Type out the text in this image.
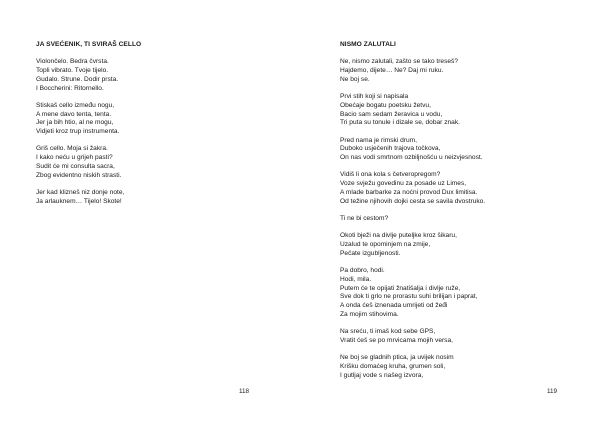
JA SVEĆENIK, TI SVIRAŠ CELLO
Violončelo. Bedra čvrsta.
Topli vibrato. Tvoje tijelo.
Gudalo. Strune. Dodir prsta.
I Boccherini: Ritornello.
Stiskaš cello između nogu,
A mene davo tenta, tenta.
Jer ja bih htio, al ne mogu,
Vidjeti kroz trup instrumenta.
Griš cello. Moja si žakra.
I kako neću u grijeh pasti?
Sudit će mi consulta sacra,
Zbog evidentno niskih strasti.
Jer kad klizneš niz donje note,
Ja arlauknem… Tijelo! Skote!
118
NISMO ZALUTALI
Ne, nismo zalutali, zašto se tako treseš?
Hajdemo, dijete… Ne? Daj mi ruku.
Ne boj se.
Prvi stih koji si napisala
Obećaje bogatu poetsku žetvu,
Bacio sam sedam žeravica u vodu,
Tri puta su tonule i dizale se, dobar znak.
Pred nama je rimski drum,
Duboko usječenih trajova točkova,
On nas vodi smrtnom ozbiljnošću u neizvjesnost.
Vidiš li ona kola s četveropregom?
Voze svježu govedinu za posade uz Limes,
A mlade barbarke za noćni provod Dux limitisa.
Od težine njihovih dojki cesta se savila dvostruko.
Ti ne bi cestom?
Okoti bježi na divlje puteljke kroz šikaru,
Uzalud te opominjem na zmije,
Pečate izgubljenosti.
Pa dobro, hodi.
Hodi, mila.
Putem će te opijati žnatišalja i divlje ruže,
Sve dok ti grlo ne prorastu suhi brilijan i paprat,
A onda ćeš iznenada umrijeti od žeđi
Za mojim stihovima.
Na sreću, ti imaš kod sebe GPS,
Vratit ćeš se po mrvicama mojih versa,
Ne boj se gladnih ptica, ja uvijek nosim
Krišku domaćeg kruha, grumen soli,
I gutljaj vode s našeg izvora,
119
